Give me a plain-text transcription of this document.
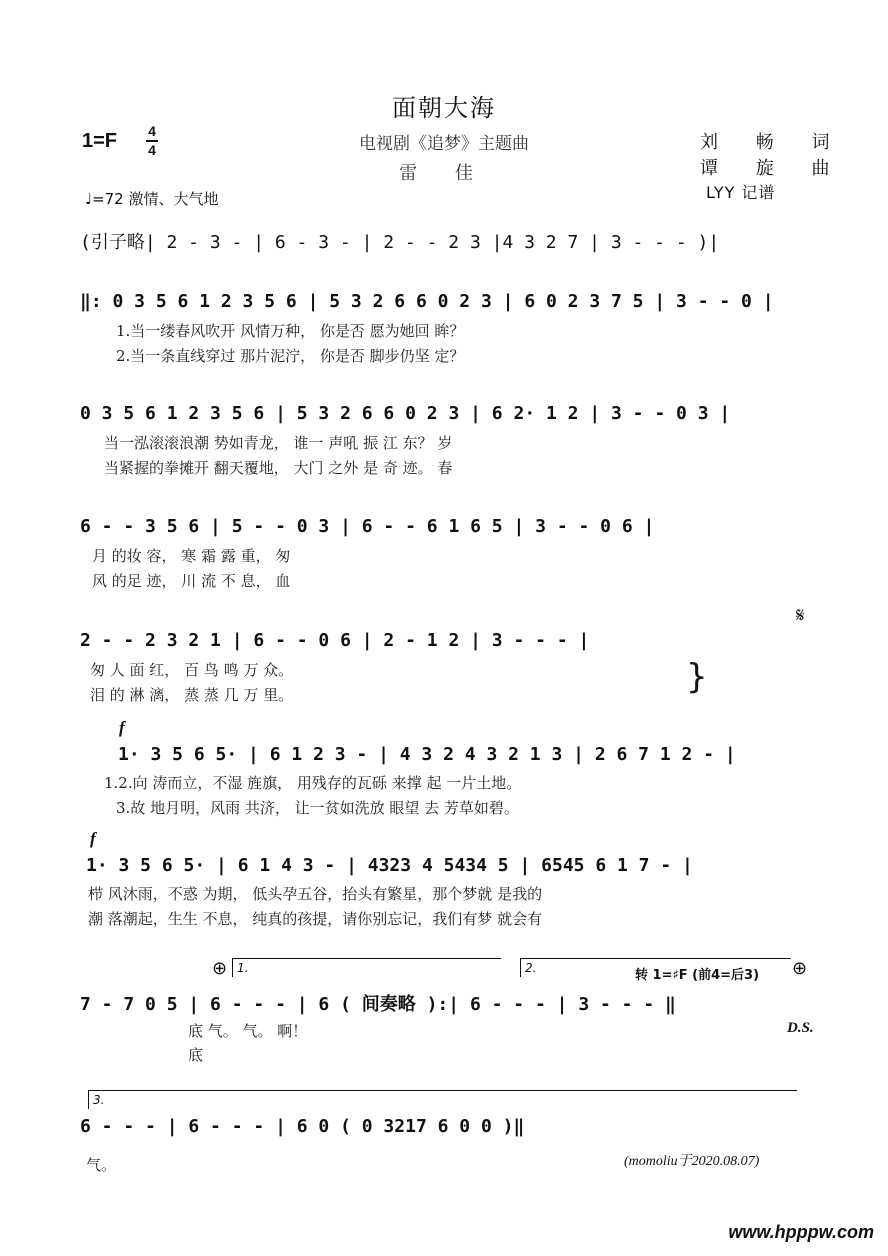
面朝大海
1=F 4
4	电视剧《追梦》主题曲
雷 佳
刘 畅 词
谭 旋 曲
LYY 记谱
♩=72 激情、大气地
(引子略| 2 - 3 - | 6 - 3 - | 2 - - 2 3 |4 3 2 7 | 3 - - - )|
‖: 0 3 5 6 1 2 3 5 6 | 5 3 2 6 6 0 2 3 | 6 0 2 3 7 5 | 3 - - 0 |
1.当一缕春风吹开 风情万种， 你是否 愿为她回 眸？
2.当一条直线穿过 那片泥泞， 你是否 脚步仍坚 定？
0 3 5 6 1 2 3 5 6 | 5 3 2 6 6 0 2 3 | 6 2· 1 2 | 3 - - 0 3 |
当一泓滚滚浪潮 势如青龙， 谁一 声吼 振 江 东？ 岁
当紧握的拳摊开 翻天覆地， 大门 之外 是 奇 迹。 春
6 - - 3 5 6 | 5 - - 0 3 | 6 - - 6 1 6 5 | 3 - - 0 6 |
月 的妆 容， 寒 霜 露 重， 匆
风 的足 迹， 川 流 不 息， 血
𝄋
2 - - 2 3 2 1 | 6 - - 0 6 | 2 - 1 2 | 3 - - - |
匆 人 面 红， 百 鸟 鸣 万 众。
泪 的 淋 漓， 蒸 蒸 几 万 里。	}
f
1· 3 5 6 5· | 6 1 2 3 - | 4 3 2 4 3 2 1 3 | 2 6 7 1 2 - |
1.2.向 涛而立，不湿 旌旗， 用残存的瓦砾 来撑 起 一片土地。
3.故 地月明，风雨 共济， 让一贫如洗放 眼望 去 芳草如碧。
f
1· 3 5 6 5· | 6 1 4 3 - | 4323 4 5434 5 | 6545 6 1 7 - |
栉 风沐雨，不惑 为期， 低头孕五谷，抬头有繁星，那个梦就 是我的
潮 落潮起，生生 不息， 纯真的孩提，请你别忘记，我们有梦 就会有
⊕ 1.	2.	转 1=♯F (前4=后3) ⊕
7 - 7 0 5 | 6 - - - | 6 ( 间奏略 ):| 6 - - - | 3 - - - ‖
底 气。 气。 啊！
底
D.S.
3.
6 - - - | 6 - - - | 6 0 ( 0 3217 6 0 0 )‖
气。	(momoliu于2020.08.07)
www.hpppw.com
